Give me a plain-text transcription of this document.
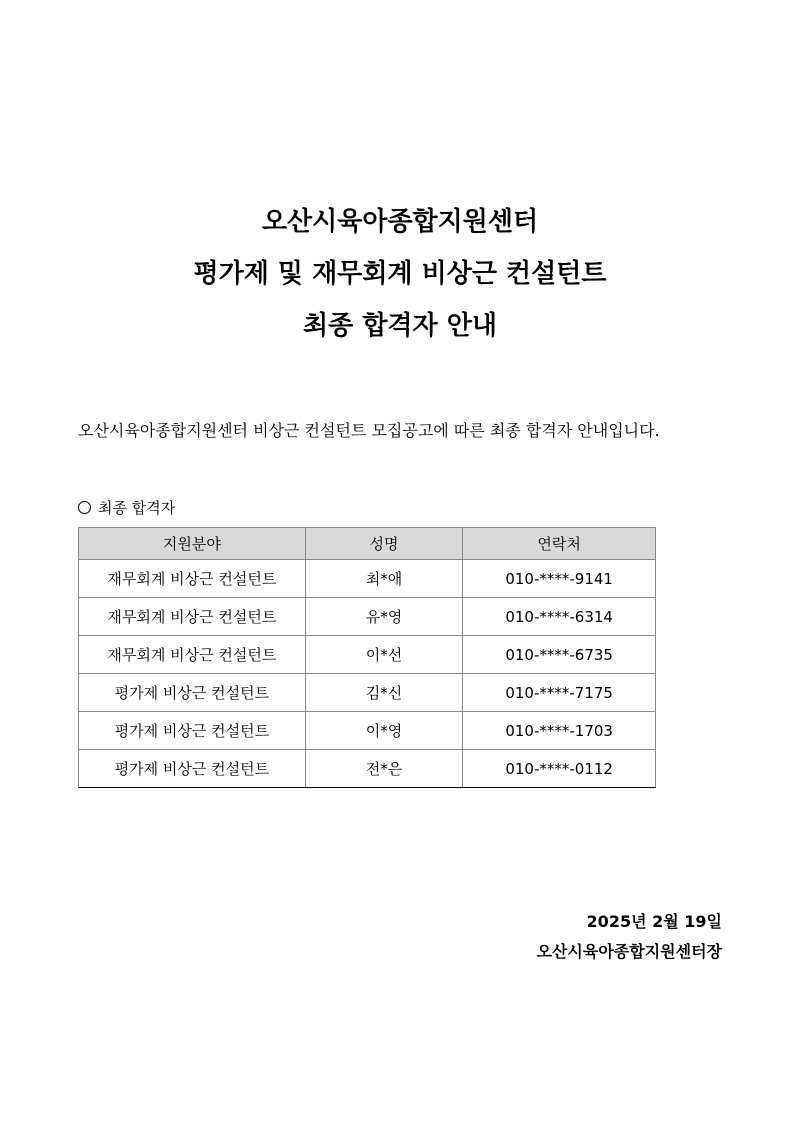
오산시육아종합지원센터
평가제 및 재무회계 비상근 컨설턴트
최종 합격자 안내
오산시육아종합지원센터 비상근 컨설턴트 모집공고에 따른 최종 합격자 안내입니다.
최종 합격자
지원분야	성명	연락처
재무회계 비상근 컨설턴트	최*애	010-****-9141
재무회계 비상근 컨설턴트	유*영	010-****-6314
재무회계 비상근 컨설턴트	이*선	010-****-6735
평가제 비상근 컨설턴트	김*신	010-****-7175
평가제 비상근 컨설턴트	이*영	010-****-1703
평가제 비상근 컨설턴트	전*은	010-****-0112
2025년 2월 19일
오산시육아종합지원센터장
